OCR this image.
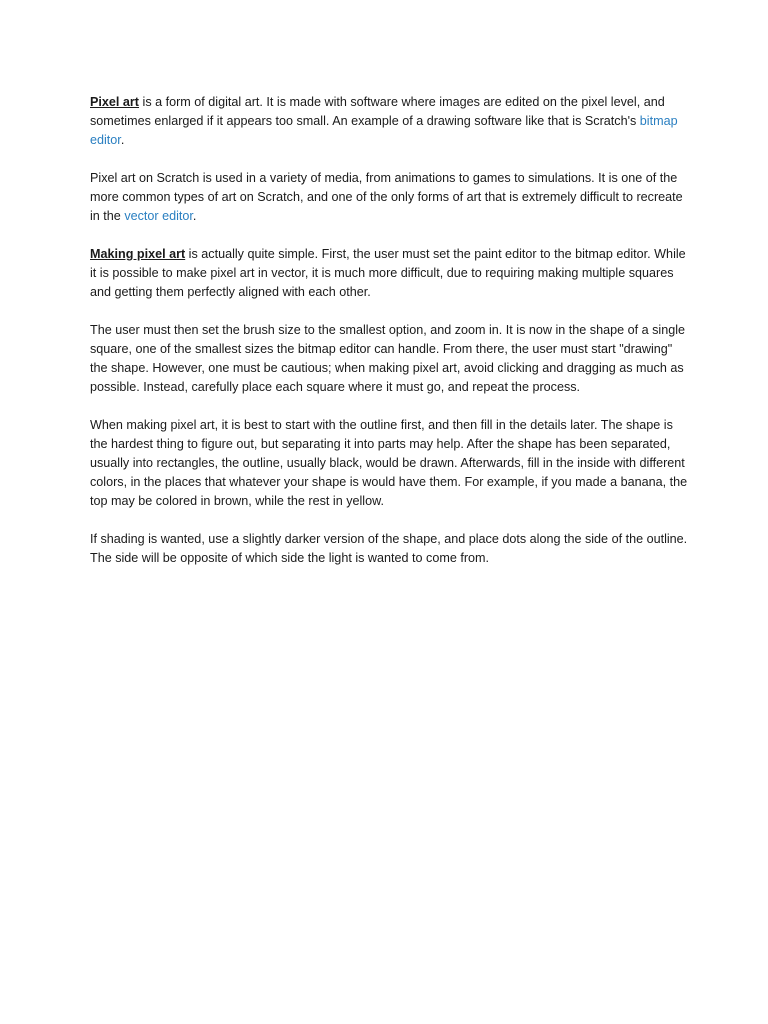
Pixel art is a form of digital art. It is made with software where images are edited on the pixel level, and sometimes enlarged if it appears too small. An example of a drawing software like that is Scratch's bitmap editor.

Pixel art on Scratch is used in a variety of media, from animations to games to simulations. It is one of the more common types of art on Scratch, and one of the only forms of art that is extremely difficult to recreate in the vector editor.

Making pixel art is actually quite simple. First, the user must set the paint editor to the bitmap editor. While it is possible to make pixel art in vector, it is much more difficult, due to requiring making multiple squares and getting them perfectly aligned with each other.

The user must then set the brush size to the smallest option, and zoom in. It is now in the shape of a single square, one of the smallest sizes the bitmap editor can handle. From there, the user must start "drawing" the shape. However, one must be cautious; when making pixel art, avoid clicking and dragging as much as possible. Instead, carefully place each square where it must go, and repeat the process.

When making pixel art, it is best to start with the outline first, and then fill in the details later. The shape is the hardest thing to figure out, but separating it into parts may help. After the shape has been separated, usually into rectangles, the outline, usually black, would be drawn. Afterwards, fill in the inside with different colors, in the places that whatever your shape is would have them. For example, if you made a banana, the top may be colored in brown, while the rest in yellow.

If shading is wanted, use a slightly darker version of the shape, and place dots along the side of the outline. The side will be opposite of which side the light is wanted to come from.
